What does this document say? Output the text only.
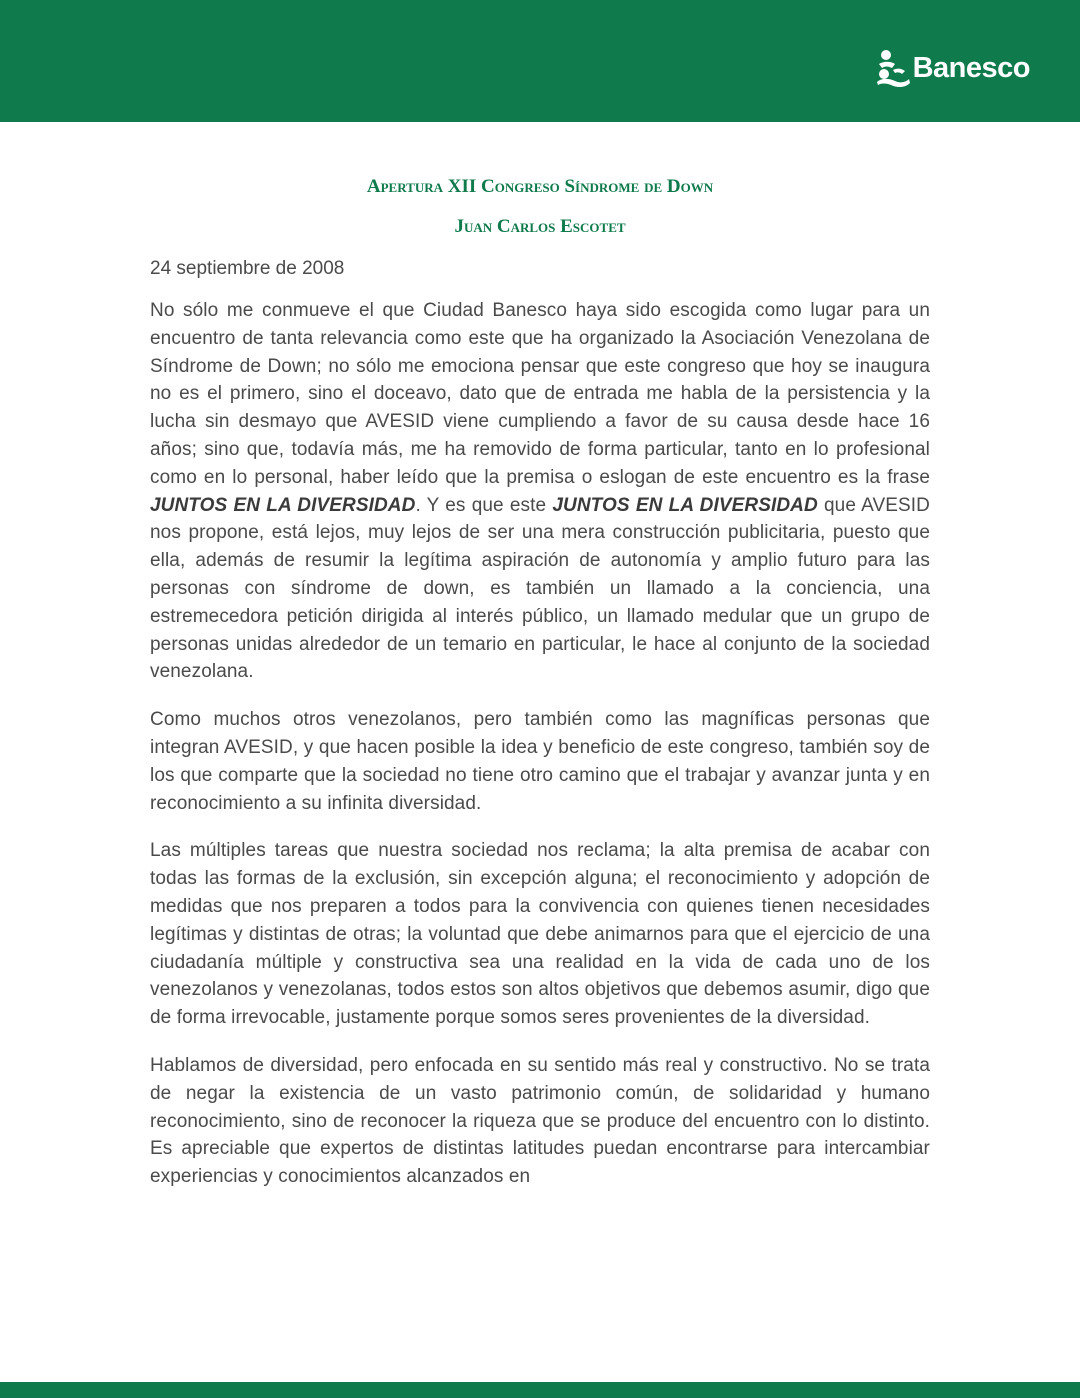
Banesco

Apertura XII Congreso Síndrome de Down

Juan Carlos Escotet

24 septiembre de 2008

No sólo me conmueve el que Ciudad Banesco haya sido escogida como lugar para un encuentro de tanta relevancia como este que ha organizado la Asociación Venezolana de Síndrome de Down; no sólo me emociona pensar que este congreso que hoy se inaugura no es el primero, sino el doceavo, dato que de entrada me habla de la persistencia y la lucha sin desmayo que AVESID viene cumpliendo a favor de su causa desde hace 16 años; sino que, todavía más, me ha removido de forma particular, tanto en lo profesional como en lo personal, haber leído que la premisa o eslogan de este encuentro es la frase JUNTOS EN LA DIVERSIDAD. Y es que este JUNTOS EN LA DIVERSIDAD que AVESID nos propone, está lejos, muy lejos de ser una mera construcción publicitaria, puesto que ella, además de resumir la legítima aspiración de autonomía y amplio futuro para las personas con síndrome de down, es también un llamado a la conciencia, una estremecedora petición dirigida al interés público, un llamado medular que un grupo de personas unidas alrededor de un temario en particular, le hace al conjunto de la sociedad venezolana.

Como muchos otros venezolanos, pero también como las magníficas personas que integran AVESID, y que hacen posible la idea y beneficio de este congreso, también soy de los que comparte que la sociedad no tiene otro camino que el trabajar y avanzar junta y en reconocimiento a su infinita diversidad.

Las múltiples tareas que nuestra sociedad nos reclama; la alta premisa de acabar con todas las formas de la exclusión, sin excepción alguna; el reconocimiento y adopción de medidas que nos preparen a todos para la convivencia con quienes tienen necesidades legítimas y distintas de otras; la voluntad que debe animarnos para que el ejercicio de una ciudadanía múltiple y constructiva sea una realidad en la vida de cada uno de los venezolanos y venezolanas, todos estos son altos objetivos que debemos asumir, digo que de forma irrevocable, justamente porque somos seres provenientes de la diversidad.

Hablamos de diversidad, pero enfocada en su sentido más real y constructivo. No se trata de negar la existencia de un vasto patrimonio común, de solidaridad y humano reconocimiento, sino de reconocer la riqueza que se produce del encuentro con lo distinto. Es apreciable que expertos de distintas latitudes puedan encontrarse para intercambiar experiencias y conocimientos alcanzados en
